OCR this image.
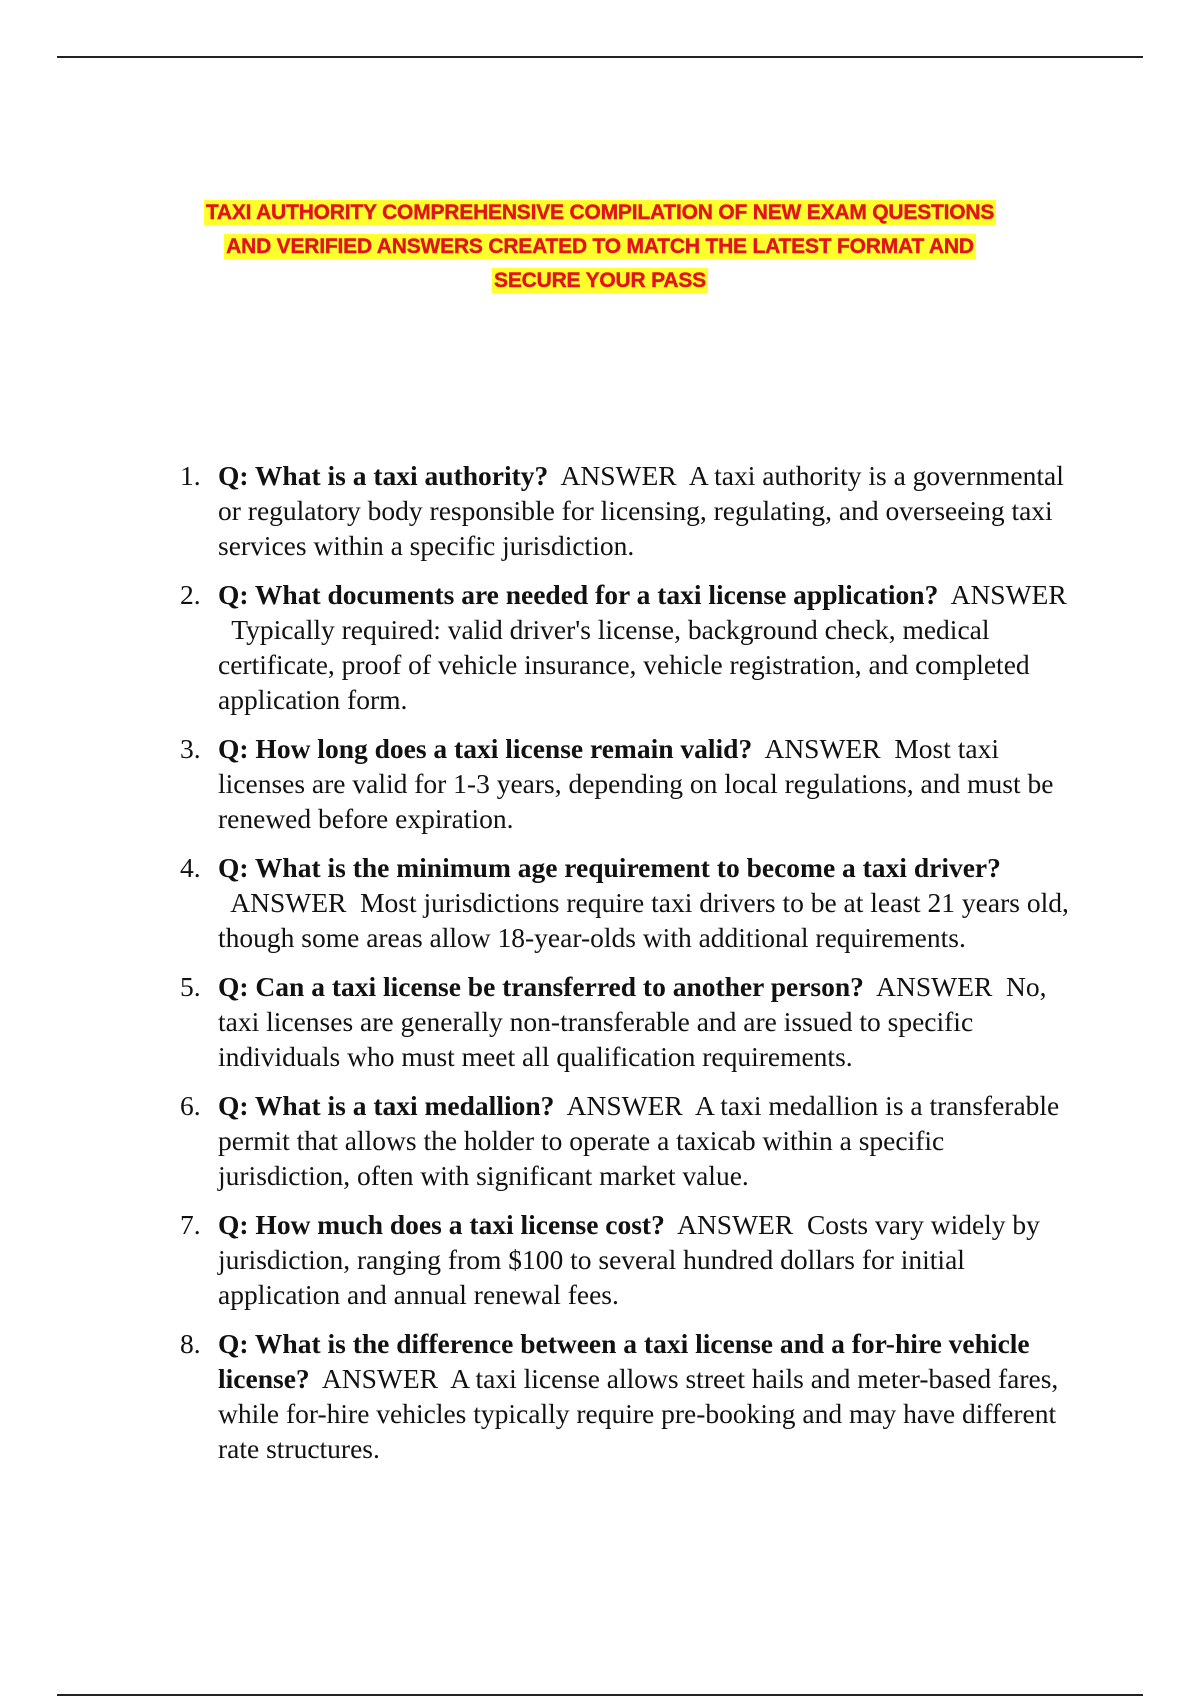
TAXI AUTHORITY COMPREHENSIVE COMPILATION OF NEW EXAM QUESTIONS
AND VERIFIED ANSWERS CREATED TO MATCH THE LATEST FORMAT AND
SECURE YOUR PASS
1. Q: What is a taxi authority? ANSWER A taxi authority is a governmental or regulatory body responsible for licensing, regulating, and overseeing taxi services within a specific jurisdiction.
2. Q: What documents are needed for a taxi license application? ANSWER  Typically required: valid driver's license, background check, medical certificate, proof of vehicle insurance, vehicle registration, and completed application form.
3. Q: How long does a taxi license remain valid? ANSWER Most taxi licenses are valid for 1-3 years, depending on local regulations, and must be renewed before expiration.
4. Q: What is the minimum age requirement to become a taxi driver?  ANSWER Most jurisdictions require taxi drivers to be at least 21 years old, though some areas allow 18-year-olds with additional requirements.
5. Q: Can a taxi license be transferred to another person? ANSWER No, taxi licenses are generally non-transferable and are issued to specific individuals who must meet all qualification requirements.
6. Q: What is a taxi medallion? ANSWER A taxi medallion is a transferable permit that allows the holder to operate a taxicab within a specific jurisdiction, often with significant market value.
7. Q: How much does a taxi license cost? ANSWER Costs vary widely by jurisdiction, ranging from $100 to several hundred dollars for initial application and annual renewal fees.
8. Q: What is the difference between a taxi license and a for-hire vehicle license? ANSWER A taxi license allows street hails and meter-based fares, while for-hire vehicles typically require pre-booking and may have different rate structures.
